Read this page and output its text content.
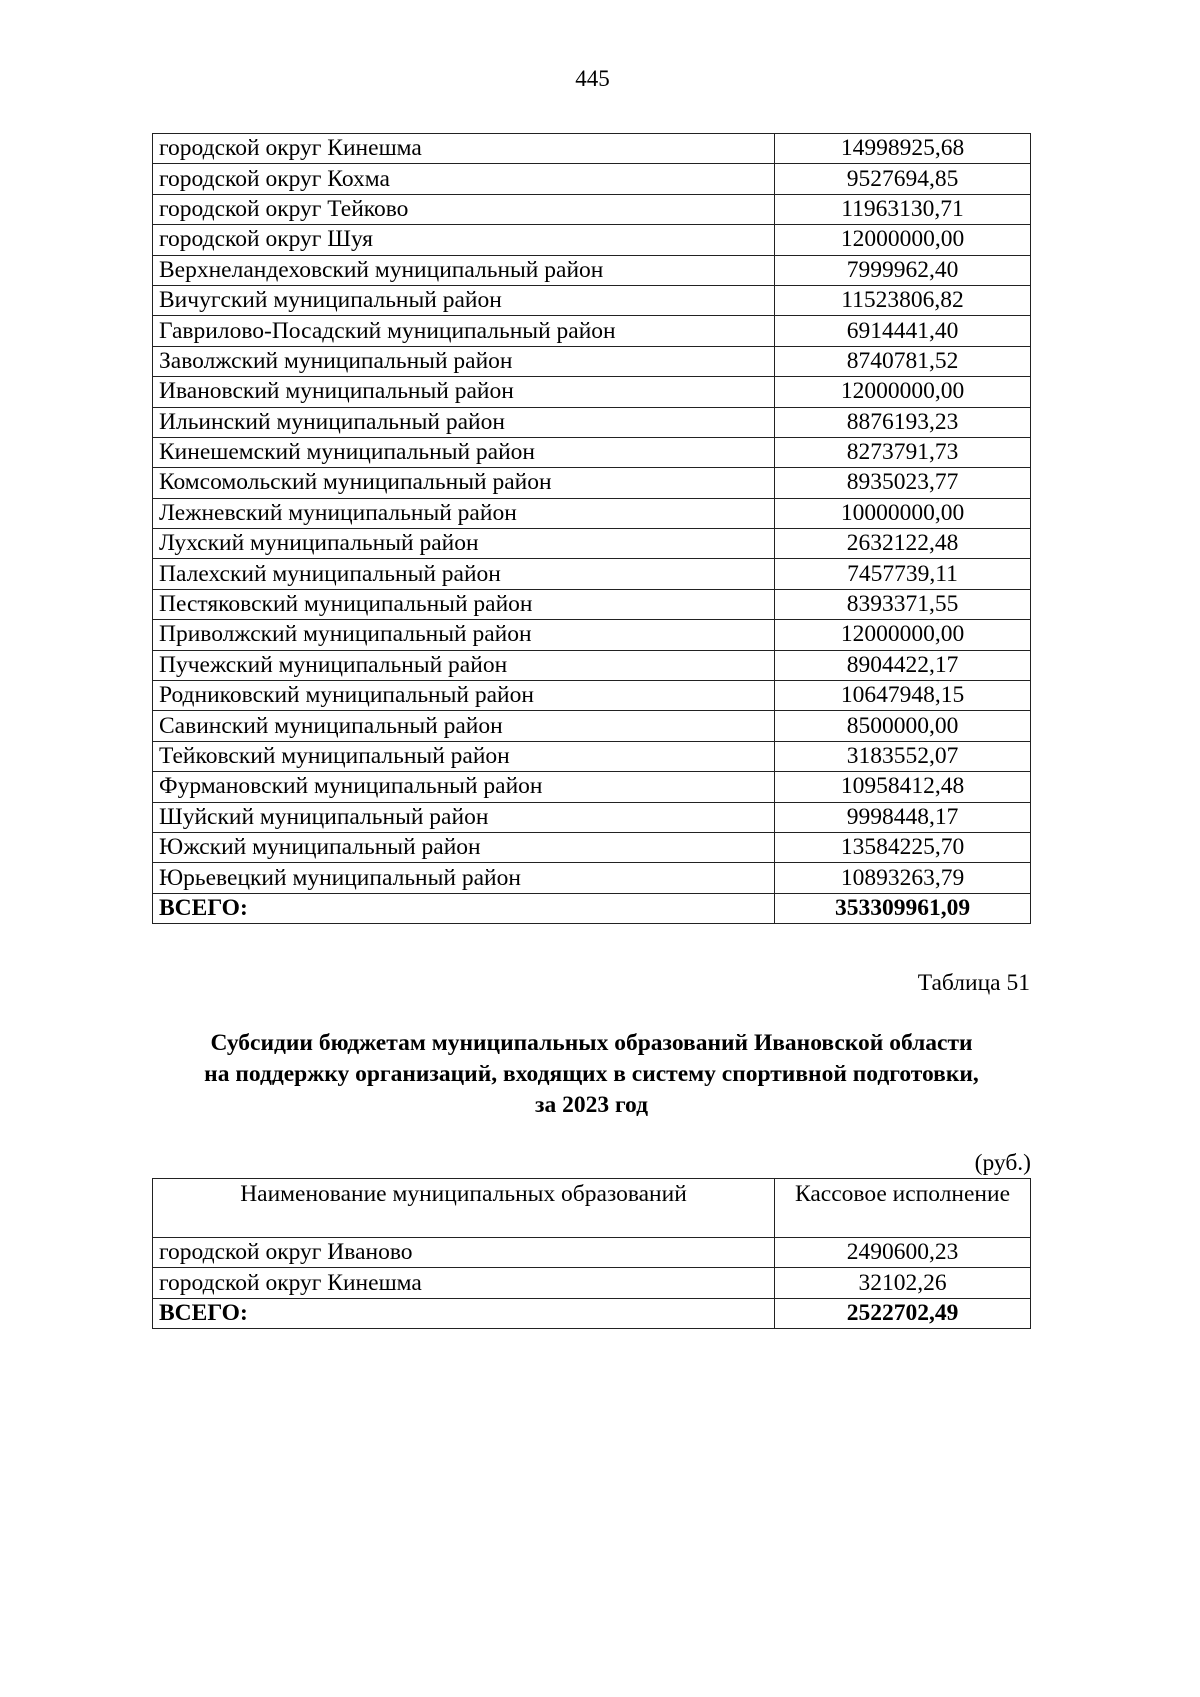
445
городской округ Кинешма	14998925,68
городской округ Кохма	9527694,85
городской округ Тейково	11963130,71
городской округ Шуя	12000000,00
Верхнеландеховский муниципальный район	7999962,40
Вичугский муниципальный район	11523806,82
Гаврилово-Посадский муниципальный район	6914441,40
Заволжский муниципальный район	8740781,52
Ивановский муниципальный район	12000000,00
Ильинский муниципальный район	8876193,23
Кинешемский муниципальный район	8273791,73
Комсомольский муниципальный район	8935023,77
Лежневский муниципальный район	10000000,00
Лухский муниципальный район	2632122,48
Палехский муниципальный район	7457739,11
Пестяковский муниципальный район	8393371,55
Приволжский муниципальный район	12000000,00
Пучежский муниципальный район	8904422,17
Родниковский муниципальный район	10647948,15
Савинский муниципальный район	8500000,00
Тейковский муниципальный район	3183552,07
Фурмановский муниципальный район	10958412,48
Шуйский муниципальный район	9998448,17
Южский муниципальный район	13584225,70
Юрьевецкий муниципальный район	10893263,79
ВСЕГО:	353309961,09
Таблица 51
Субсидии бюджетам муниципальных образований Ивановской области
на поддержку организаций, входящих в систему спортивной подготовки,
за 2023 год
(руб.)
Наименование муниципальных образований	Кассовое исполнение
городской округ Иваново	2490600,23
городской округ Кинешма	32102,26
ВСЕГО:	2522702,49
